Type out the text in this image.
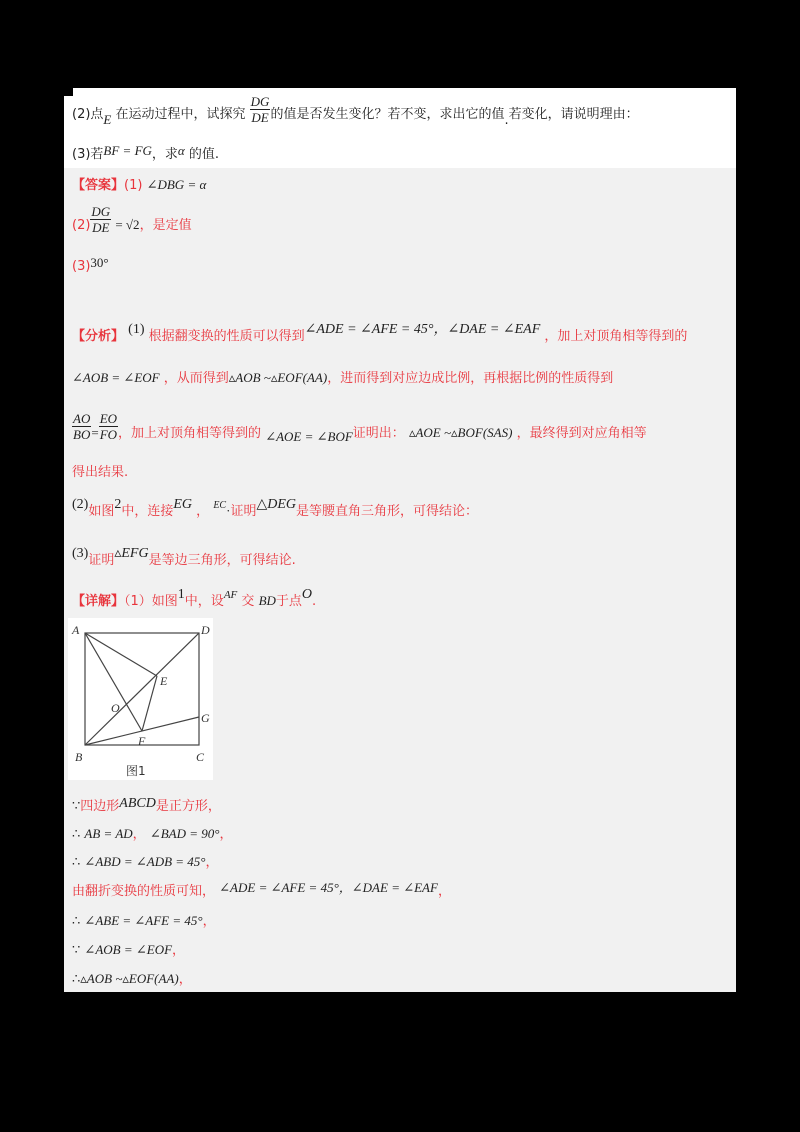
(2)点E 在运动过程中，试探究 $\frac{DG}{DE}$ 的值是否发生变化？若不变，求出它的值.若变化，请说明理由：
(3)若BF = FG，求α 的值.
【答案】(1) ∠DBG = α
$(2) \frac{DG}{DE} = √2$，是定值
(3)30°
【分析】 (1) 根据翻变换的性质可以得到∠ADE = ∠AFE = 45°，∠DAE = ∠EAF ，加上对顶角相等得到的
∠AOB = ∠EOF ，从而得到▵AOB ~▵EOF(AA)，进而得到对应边成比例，再根据比例的性质得到
$\frac{AO}{BO} = \frac{EO}{FO}$ ，加上对顶角相等得到的 ∠AOE = ∠BOF证明出： ▵AOE ~▵BOF(SAS) ，最终得到对应角相等
得出结果.
(2)如图2中，连接EG ， $^{EC}$·证明△DEG是等腰直角三角形，可得结论：
(3)证明▵EFG是等边三角形，可得结论.
【详解】（1）如图1中，设$^{AF}$ 交 BD于点O.
A	D
E
O
G
F
B	C
图1
∵四边形ABCD是正方形，
∴ AB = AD， ∠BAD = 90°，
∴ ∠ABD = ∠ADB = 45°，
由翻折变换的性质可知， ∠ADE = ∠AFE = 45°，∠DAE = ∠EAF，
∴ ∠ABE = ∠AFE = 45°，
∵ ∠AOB = ∠EOF，
∴▵AOB ~▵EOF(AA)，
